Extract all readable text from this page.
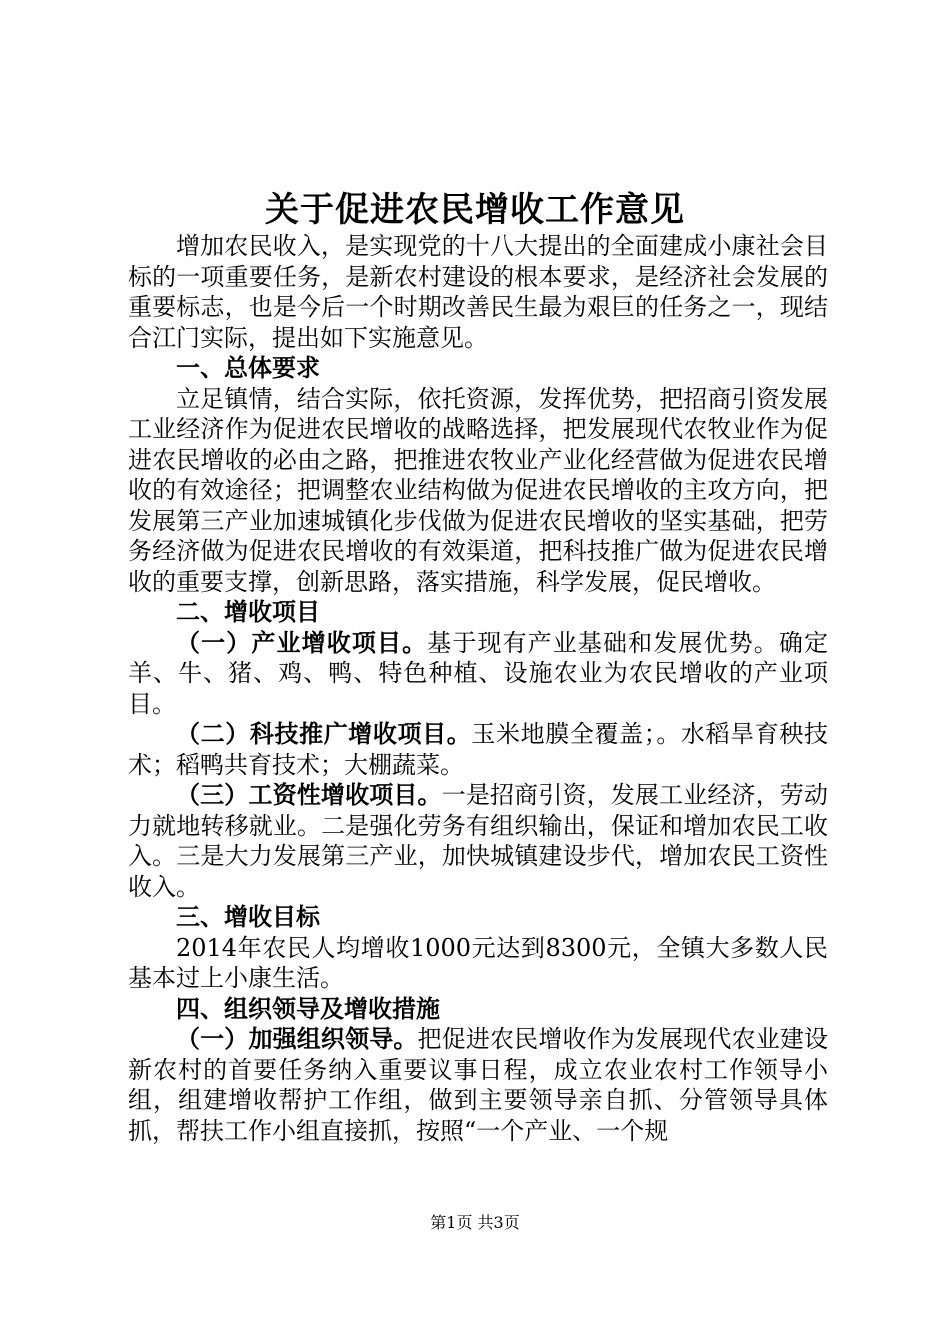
关于促进农民增收工作意见

增加农民收入，是实现党的十八大提出的全面建成小康社会目标的一项重要任务，是新农村建设的根本要求，是经济社会发展的重要标志，也是今后一个时期改善民生最为艰巨的任务之一，现结合江门实际，提出如下实施意见。

一、总体要求

立足镇情，结合实际，依托资源，发挥优势，把招商引资发展工业经济作为促进农民增收的战略选择，把发展现代农牧业作为促进农民增收的必由之路，把推进农牧业产业化经营做为促进农民增收的有效途径；把调整农业结构做为促进农民增收的主攻方向，把发展第三产业加速城镇化步伐做为促进农民增收的坚实基础，把劳务经济做为促进农民增收的有效渠道，把科技推广做为促进农民增收的重要支撑，创新思路，落实措施，科学发展，促民增收。

二、增收项目

（一）产业增收项目。基于现有产业基础和发展优势。确定羊、牛、猪、鸡、鸭、特色种植、设施农业为农民增收的产业项目。

（二）科技推广增收项目。玉米地膜全覆盖；。水稻旱育秧技术；稻鸭共育技术；大棚蔬菜。

（三）工资性增收项目。一是招商引资，发展工业经济，劳动力就地转移就业。二是强化劳务有组织输出，保证和增加农民工收入。三是大力发展第三产业，加快城镇建设步代，增加农民工资性收入。

三、增收目标

2014年农民人均增收1000元达到8300元，全镇大多数人民基本过上小康生活。

四、组织领导及增收措施

（一）加强组织领导。把促进农民增收作为发展现代农业建设新农村的首要任务纳入重要议事日程，成立农业农村工作领导小组，组建增收帮护工作组，做到主要领导亲自抓、分管领导具体抓，帮扶工作小组直接抓，按照“一个产业、一个规

第1页 共3页
